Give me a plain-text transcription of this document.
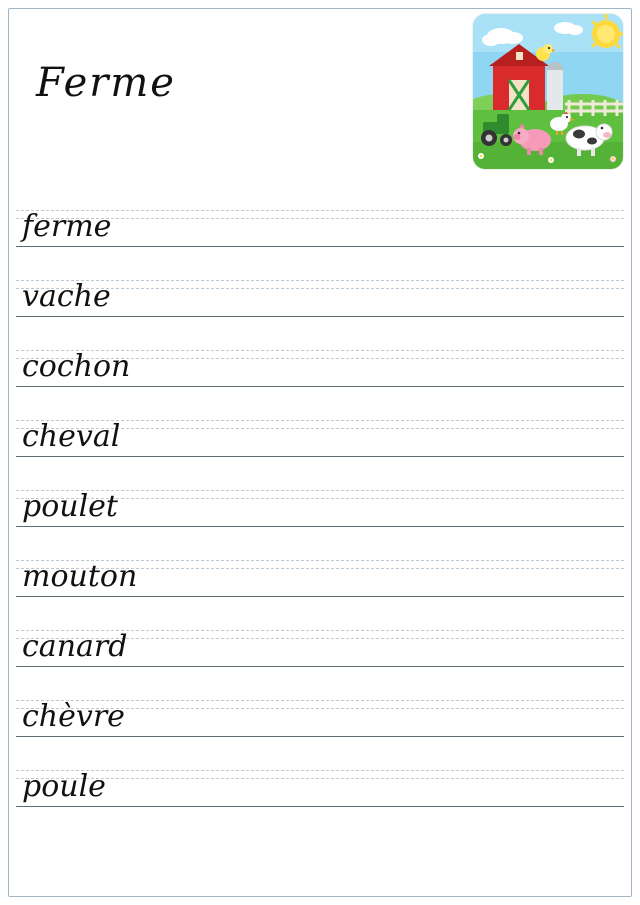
Ferme
ferme
vache
cochon
cheval
poulet
mouton
canard
chèvre
poule
